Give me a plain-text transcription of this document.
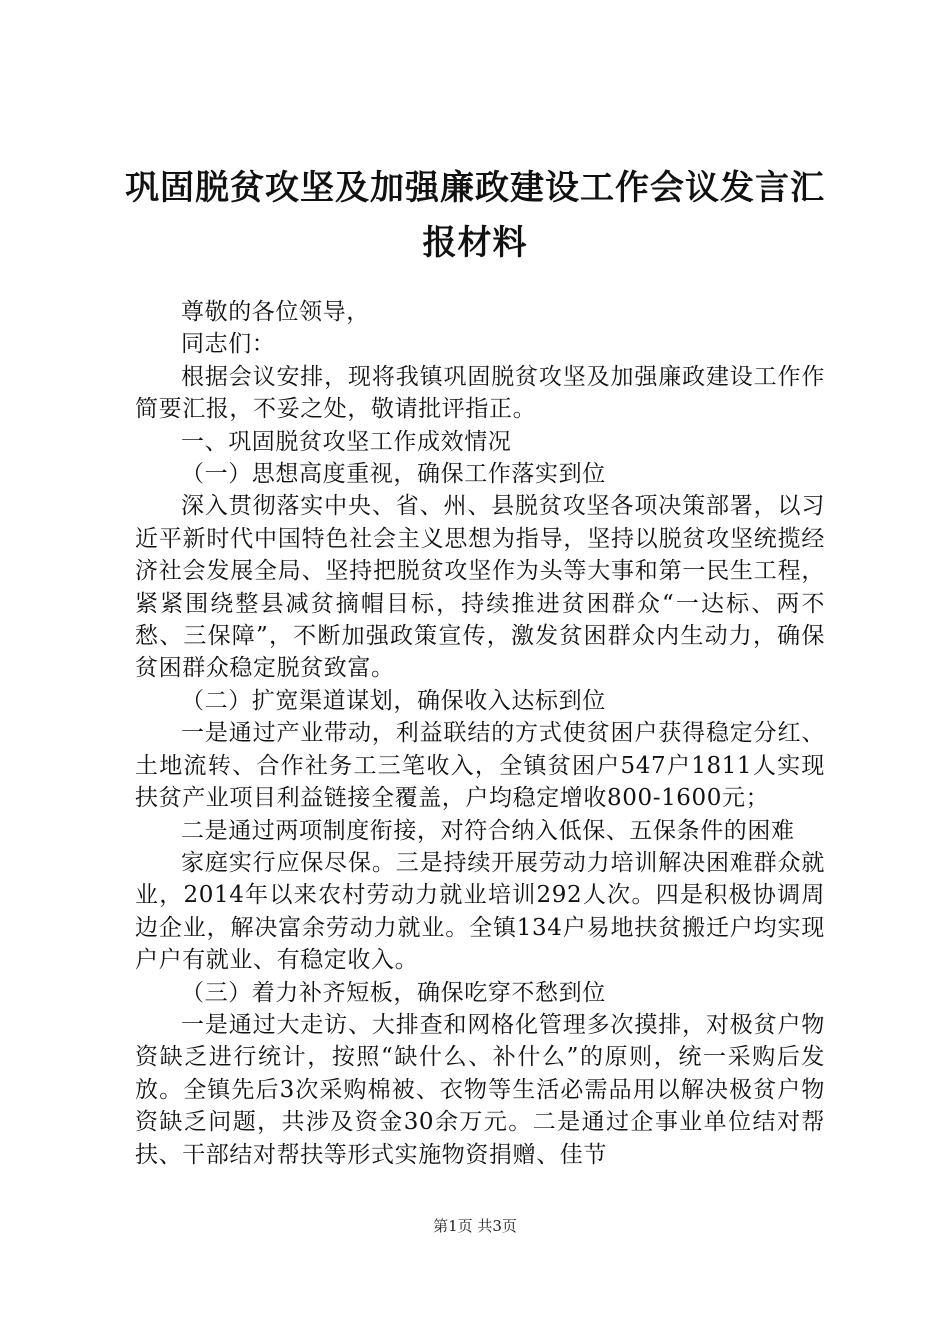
巩固脱贫攻坚及加强廉政建设工作会议发言汇
报材料

尊敬的各位领导，

同志们：

根据会议安排，现将我镇巩固脱贫攻坚及加强廉政建设工作作简要汇报，不妥之处，敬请批评指正。

一、巩固脱贫攻坚工作成效情况

（一）思想高度重视，确保工作落实到位

深入贯彻落实中央、省、州、县脱贫攻坚各项决策部署，以习近平新时代中国特色社会主义思想为指导，坚持以脱贫攻坚统揽经济社会发展全局、坚持把脱贫攻坚作为头等大事和第一民生工程，紧紧围绕整县减贫摘帽目标，持续推进贫困群众“一达标、两不愁、三保障”，不断加强政策宣传，激发贫困群众内生动力，确保贫困群众稳定脱贫致富。

（二）扩宽渠道谋划，确保收入达标到位

一是通过产业带动，利益联结的方式使贫困户获得稳定分红、土地流转、合作社务工三笔收入，全镇贫困户547户1811人实现扶贫产业项目利益链接全覆盖，户均稳定增收800-1600元；

二是通过两项制度衔接，对符合纳入低保、五保条件的困难

家庭实行应保尽保。三是持续开展劳动力培训解决困难群众就业，2014年以来农村劳动力就业培训292人次。四是积极协调周边企业，解决富余劳动力就业。全镇134户易地扶贫搬迁户均实现户户有就业、有稳定收入。

（三）着力补齐短板，确保吃穿不愁到位

一是通过大走访、大排查和网格化管理多次摸排，对极贫户物资缺乏进行统计，按照“缺什么、补什么”的原则，统一采购后发放。全镇先后3次采购棉被、衣物等生活必需品用以解决极贫户物资缺乏问题，共涉及资金30余万元。二是通过企事业单位结对帮扶、干部结对帮扶等形式实施物资捐赠、佳节

第1页 共3页
